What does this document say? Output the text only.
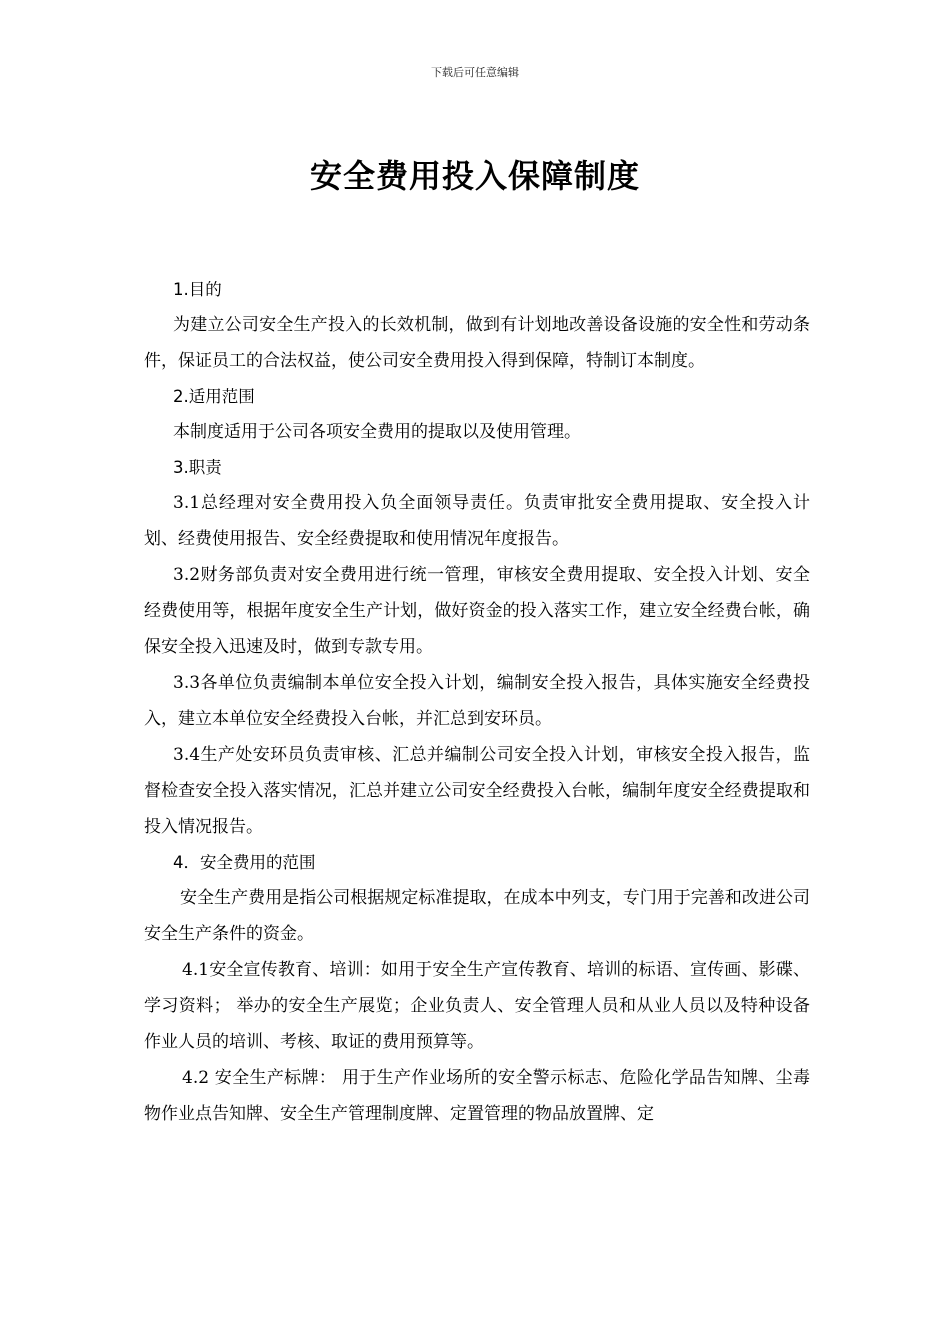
下载后可任意编辑
安全费用投入保障制度
1.目的
为建立公司安全生产投入的长效机制，做到有计划地改善设备设施的安全性和劳动条件，保证员工的合法权益，使公司安全费用投入得到保障，特制订本制度。
2.适用范围
本制度适用于公司各项安全费用的提取以及使用管理。
3.职责
3.1总经理对安全费用投入负全面领导责任。负责审批安全费用提取、安全投入计划、经费使用报告、安全经费提取和使用情况年度报告。
3.2财务部负责对安全费用进行统一管理，审核安全费用提取、安全投入计划、安全经费使用等，根据年度安全生产计划，做好资金的投入落实工作，建立安全经费台帐，确保安全投入迅速及时，做到专款专用。
3.3各单位负责编制本单位安全投入计划，编制安全投入报告，具体实施安全经费投入，建立本单位安全经费投入台帐，并汇总到安环员。
3.4生产处安环员负责审核、汇总并编制公司安全投入计划，审核安全投入报告，监督检查安全投入落实情况，汇总并建立公司安全经费投入台帐，编制年度安全经费提取和投入情况报告。
4．安全费用的范围
安全生产费用是指公司根据规定标准提取，在成本中列支，专门用于完善和改进公司安全生产条件的资金。
4.1安全宣传教育、培训：如用于安全生产宣传教育、培训的标语、宣传画、影碟、学习资料； 举办的安全生产展览；企业负责人、安全管理人员和从业人员以及特种设备作业人员的培训、考核、取证的费用预算等。
4.2 安全生产标牌： 用于生产作业场所的安全警示标志、危险化学品告知牌、尘毒物作业点告知牌、安全生产管理制度牌、定置管理的物品放置牌、定
